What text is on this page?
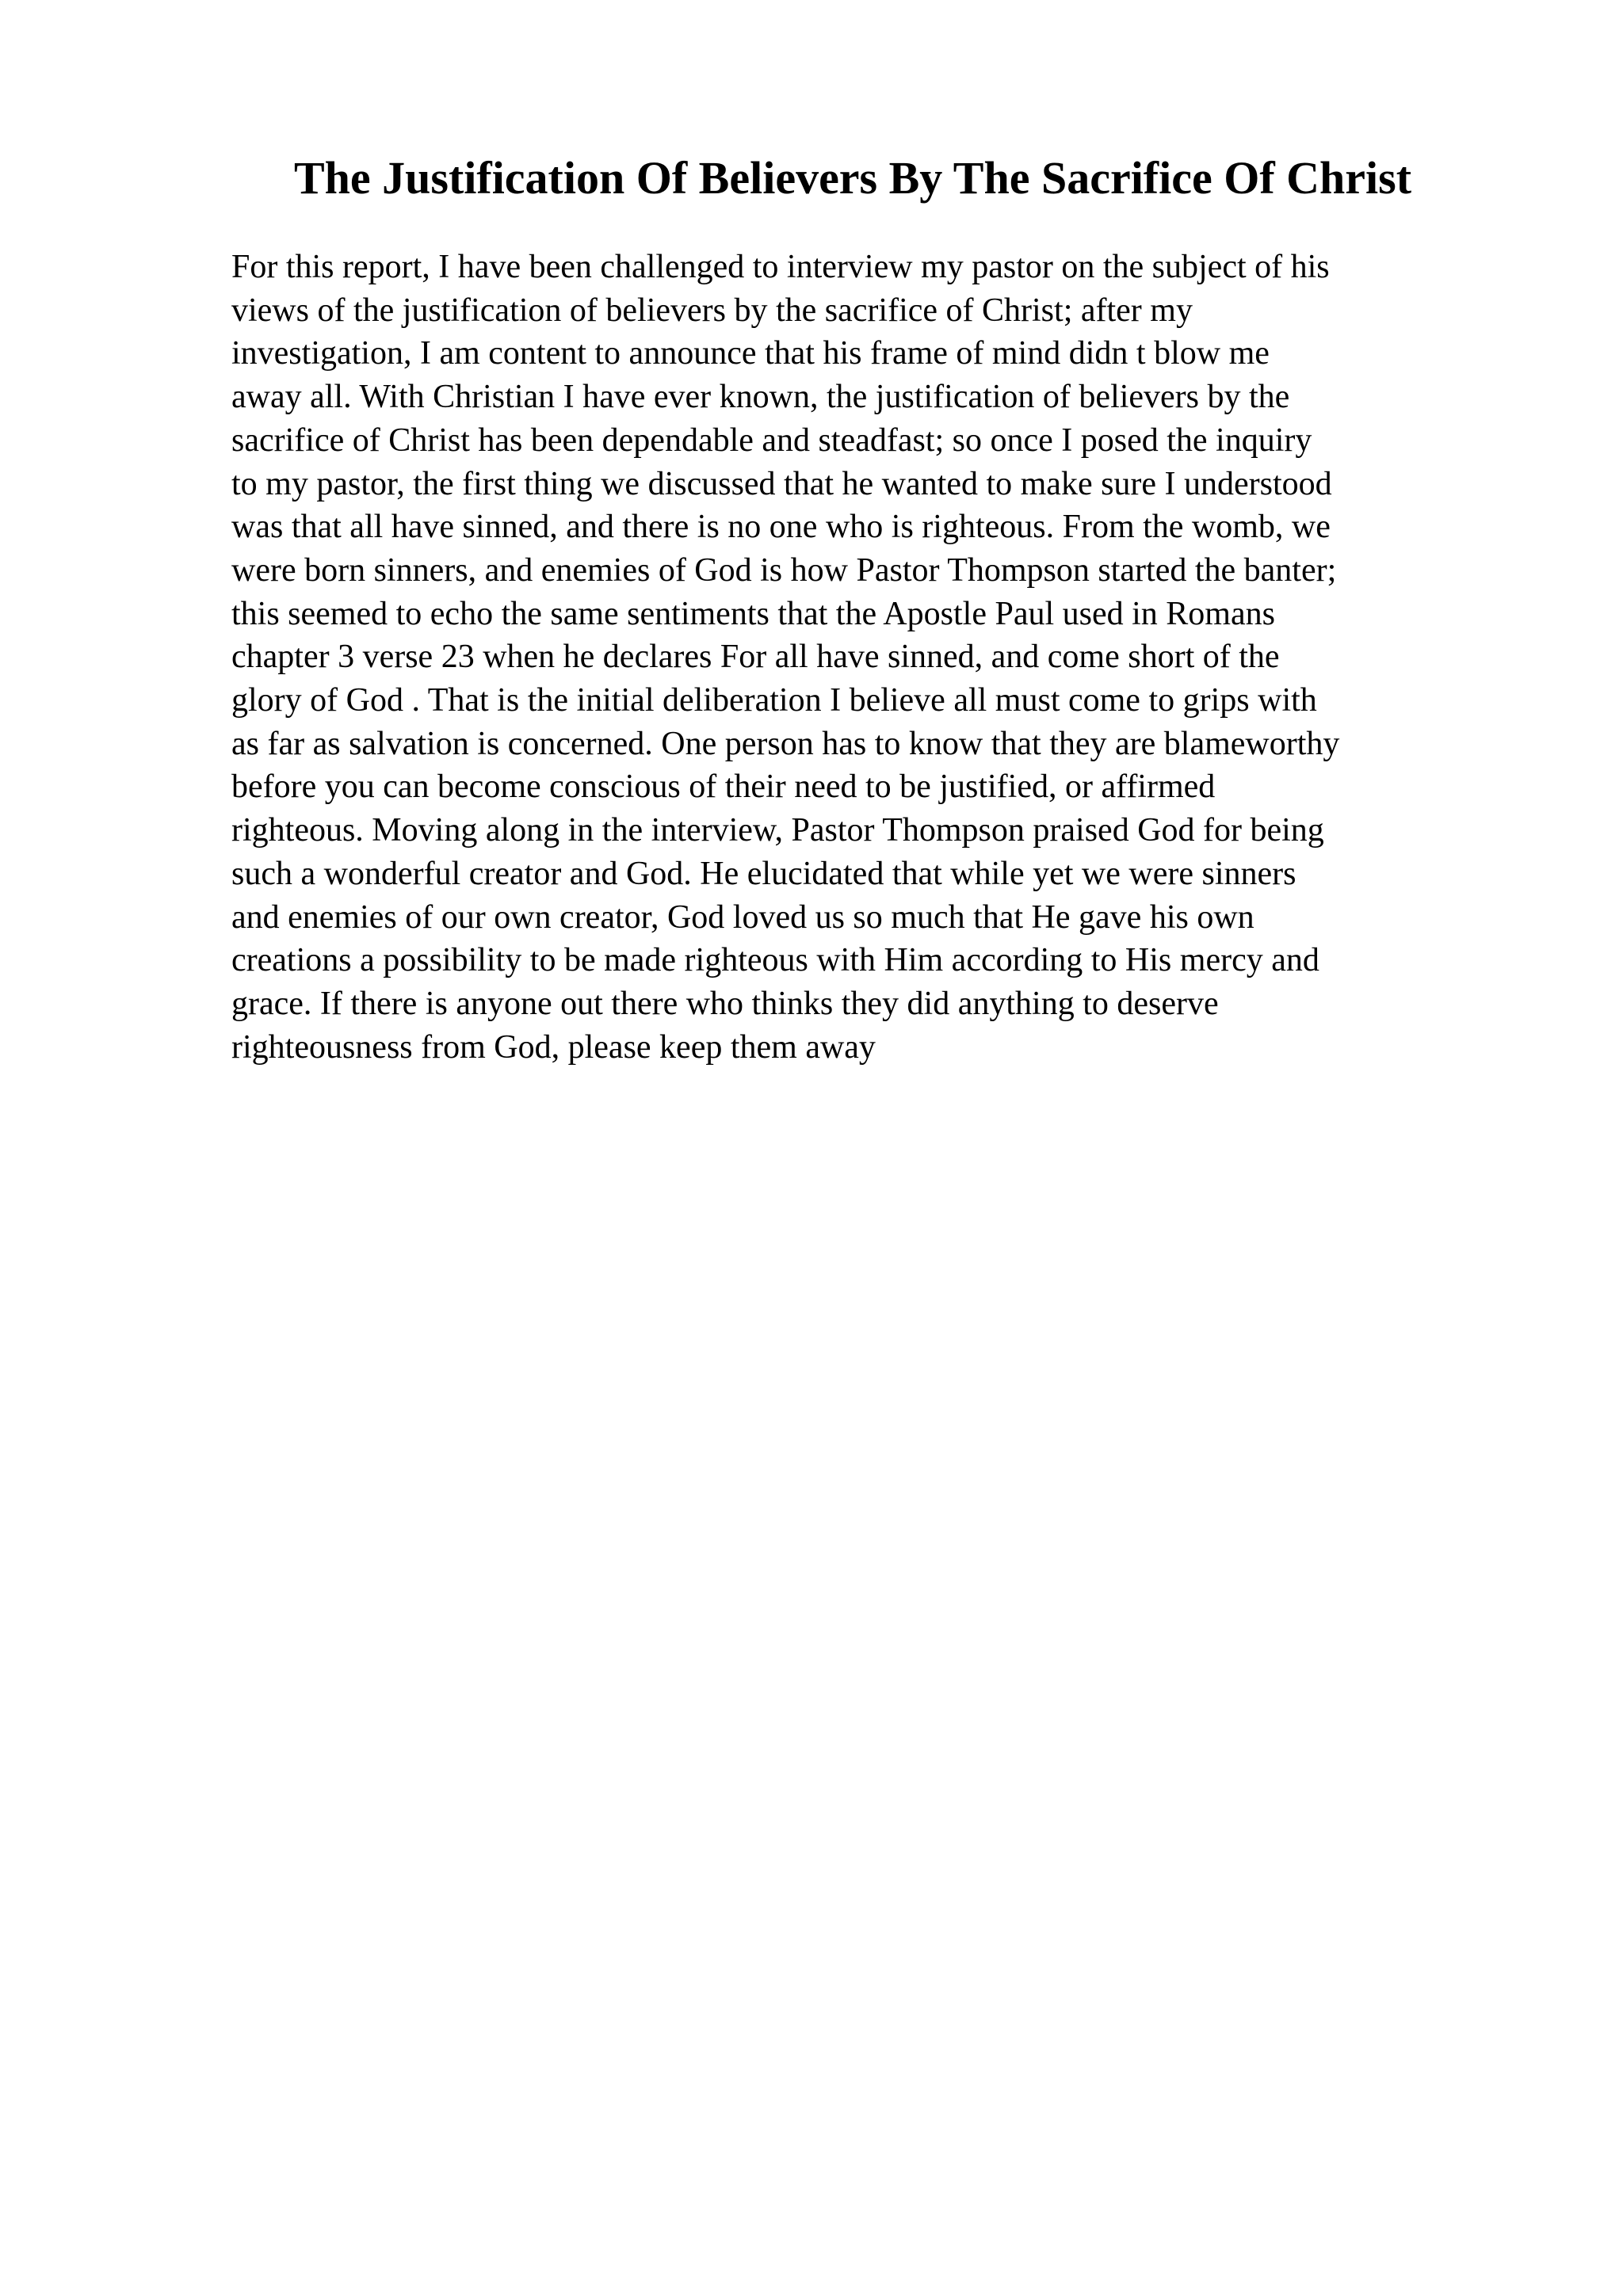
The Justification Of Believers By The Sacrifice Of Christ
For this report, I have been challenged to interview my pastor on the subject of his
views of the justification of believers by the sacrifice of Christ; after my
investigation, I am content to announce that his frame of mind didn t blow me
away all. With Christian I have ever known, the justification of believers by the
sacrifice of Christ has been dependable and steadfast; so once I posed the inquiry
to my pastor, the first thing we discussed that he wanted to make sure I understood
was that all have sinned, and there is no one who is righteous. From the womb, we
were born sinners, and enemies of God is how Pastor Thompson started the banter;
this seemed to echo the same sentiments that the Apostle Paul used in Romans
chapter 3 verse 23 when he declares For all have sinned, and come short of the
glory of God . That is the initial deliberation I believe all must come to grips with
as far as salvation is concerned. One person has to know that they are blameworthy
before you can become conscious of their need to be justified, or affirmed
righteous. Moving along in the interview, Pastor Thompson praised God for being
such a wonderful creator and God. He elucidated that while yet we were sinners
and enemies of our own creator, God loved us so much that He gave his own
creations a possibility to be made righteous with Him according to His mercy and
grace. If there is anyone out there who thinks they did anything to deserve
righteousness from God, please keep them away
